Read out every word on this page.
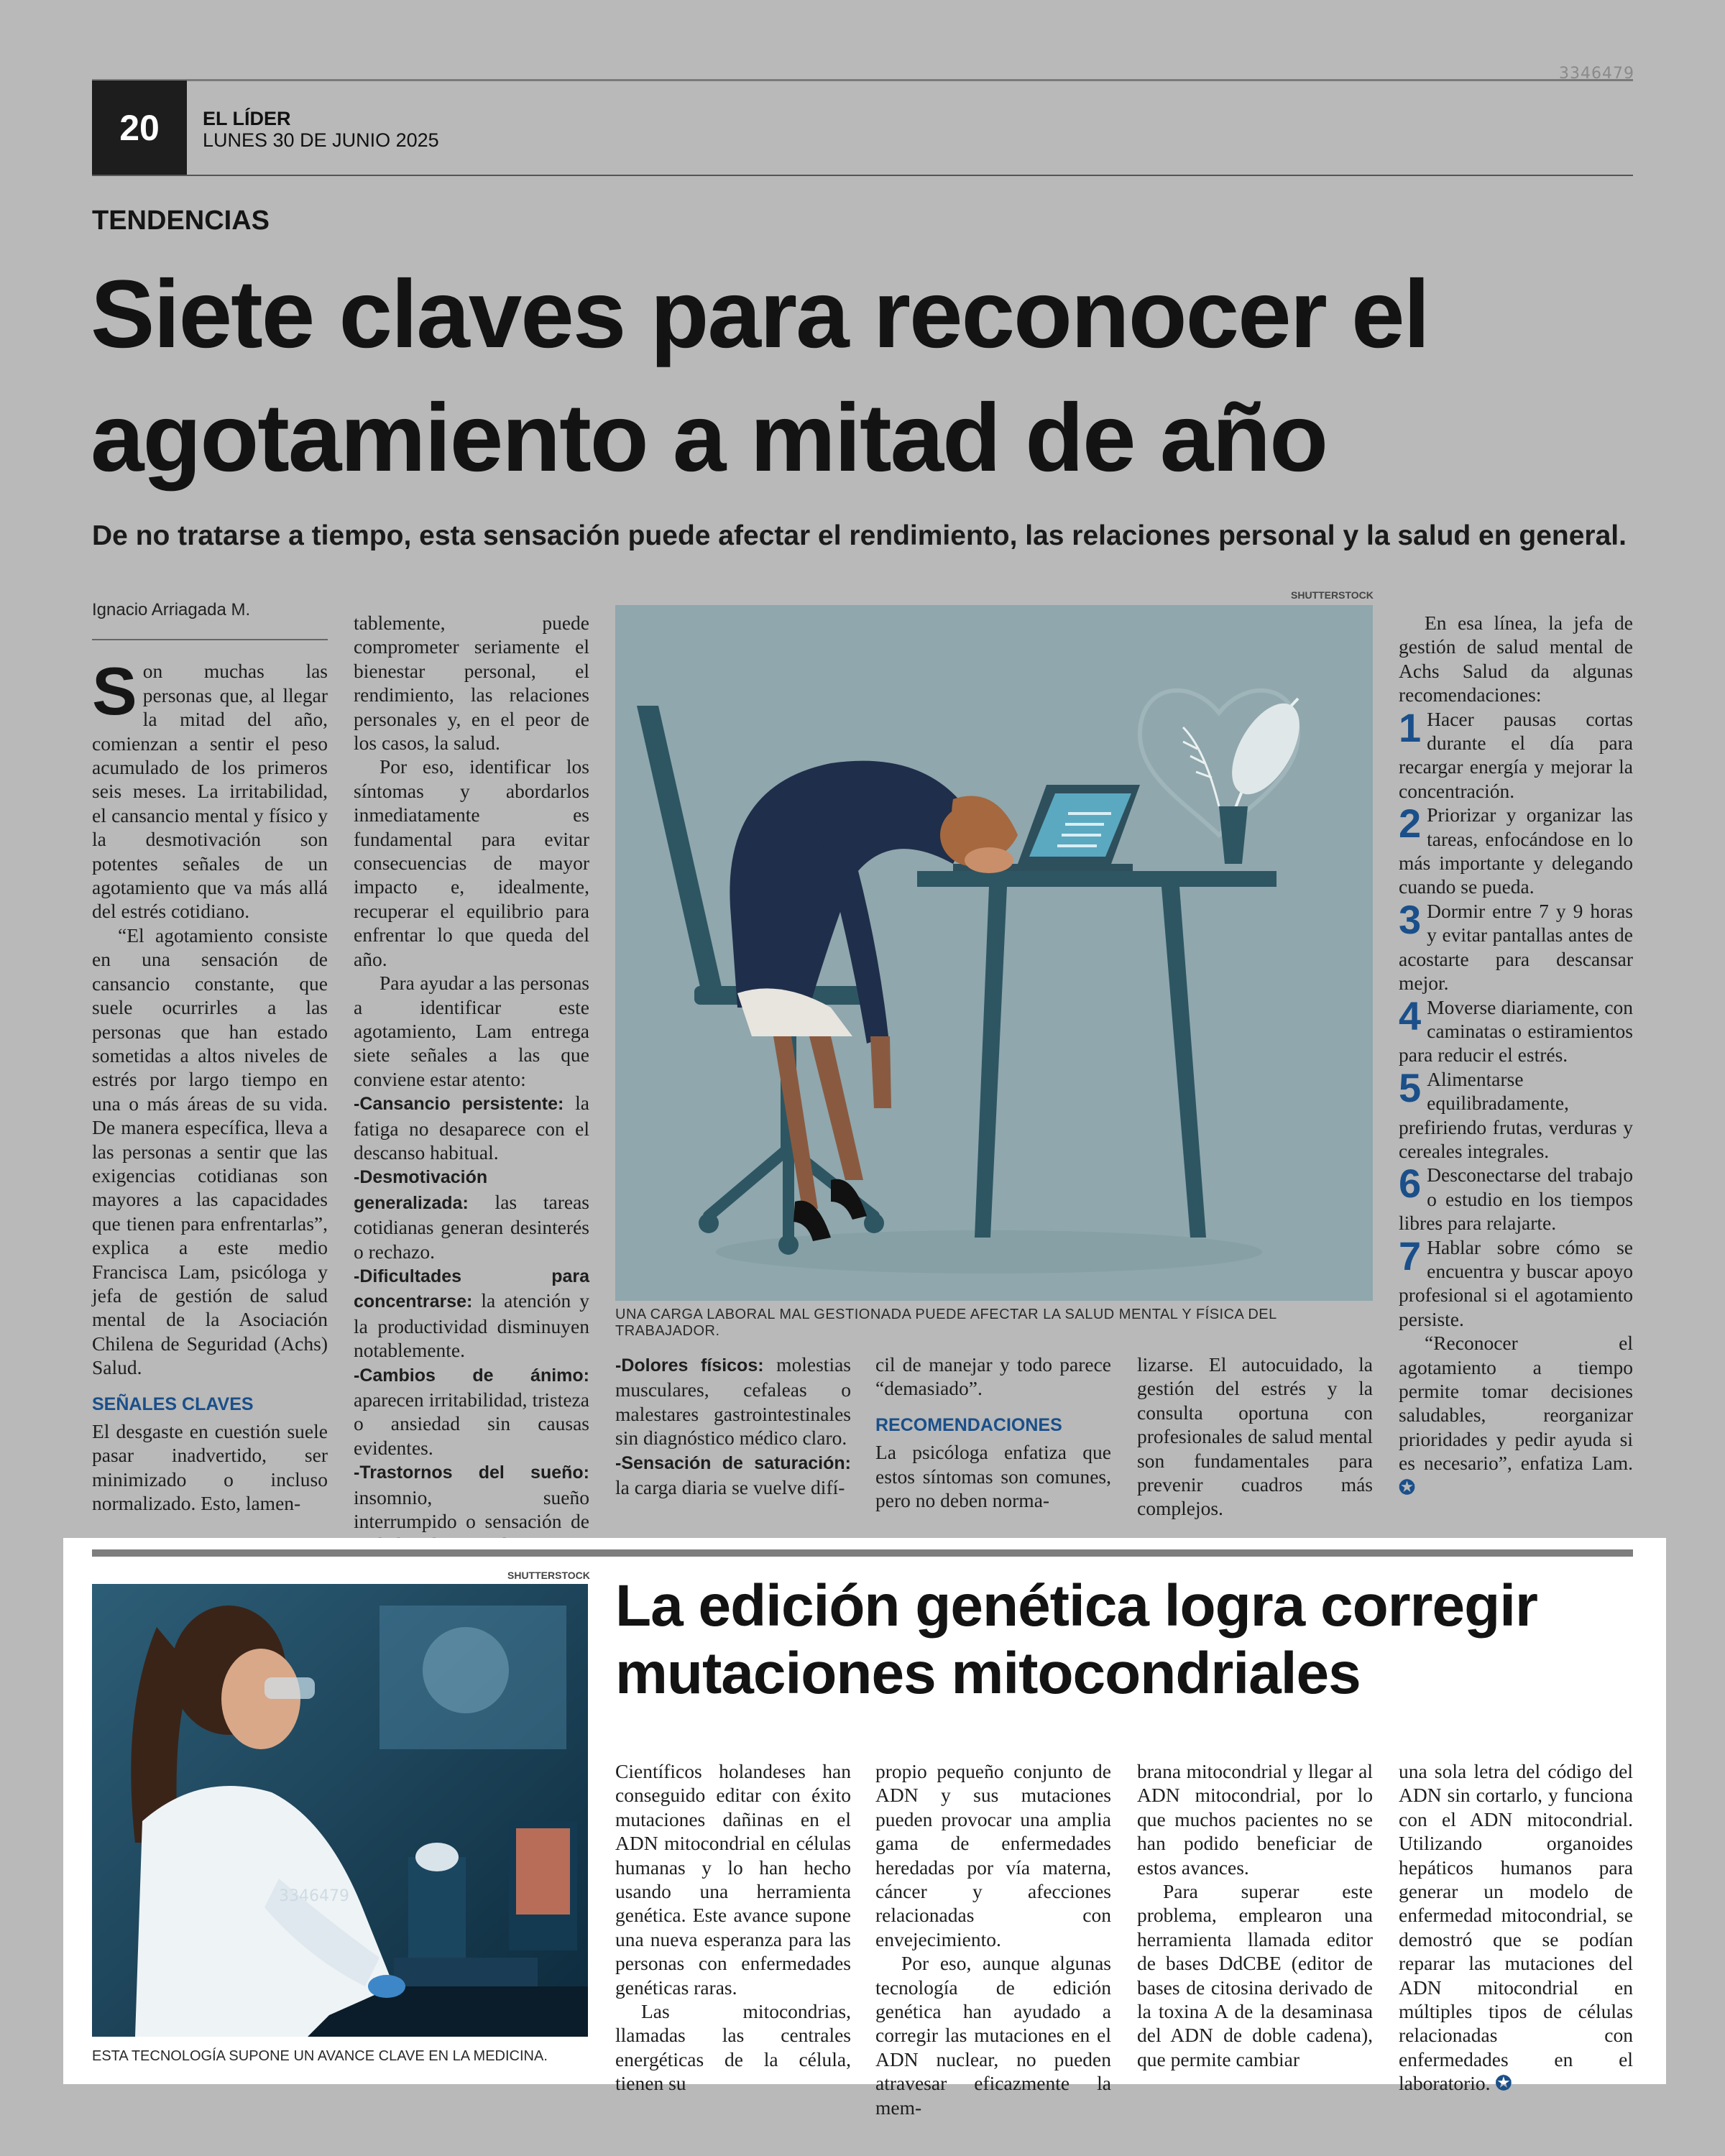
3346479
20	EL LÍDER
LUNES 30 DE JUNIO 2025
TENDENCIAS
Siete claves para reconocer el agotamiento a mitad de año
De no tratarse a tiempo, esta sensación puede afectar el rendimiento, las relaciones personal y la salud en general.
Ignacio Arriagada M.

Son muchas las personas que, al llegar la mitad del año, comienzan a sentir el peso acumulado de los primeros seis meses. La irritabilidad, el cansancio mental y físico y la desmotivación son potentes señales de un agotamiento que va más allá del estrés cotidiano.

“El agotamiento consiste en una sensación de cansancio constante, que suele ocurrirles a las personas que han estado sometidas a altos niveles de estrés por largo tiempo en una o más áreas de su vida. De manera específica, lleva a las personas a sentir que las exigencias cotidianas son mayores a las capacidades que tienen para enfrentarlas”, explica a este medio Francisca Lam, psicóloga y jefa de gestión de salud mental de la Asociación Chilena de Seguridad (Achs) Salud.

SEÑALES CLAVES

El desgaste en cuestión suele pasar inadvertido, ser minimizado o incluso normalizado. Esto, lamen-

tablemente, puede comprometer seriamente el bienestar personal, el rendimiento, las relaciones personales y, en el peor de los casos, la salud.

Por eso, identificar los síntomas y abordarlos inmediatamente es fundamental para evitar consecuencias de mayor impacto e, idealmente, recuperar el equilibrio para enfrentar lo que queda del año.

Para ayudar a las personas a identificar este agotamiento, Lam entrega siete señales a las que conviene estar atento:

-Cansancio persistente: la fatiga no desaparece con el descanso habitual.

-Desmotivación generalizada: las tareas cotidianas generan desinterés o rechazo.

-Dificultades para concentrarse: la atención y la productividad disminuyen notablemente.

-Cambios de ánimo: aparecen irritabilidad, tristeza o ansiedad sin causas evidentes.

-Trastornos del sueño: insomnio, sueño interrumpido o sensación de

SHUTTERSTOCK
UNA CARGA LABORAL MAL GESTIONADA PUEDE AFECTAR LA SALUD MENTAL Y FÍSICA DEL TRABAJADOR.

-Dolores físicos: molestias musculares, cefaleas o malestares gastrointestinales sin diagnóstico médico claro.

-Sensación de saturación: la carga diaria se vuelve difí-

cil de manejar y todo parece “demasiado”.

RECOMENDACIONES

La psicóloga enfatiza que estos síntomas son comunes, pero no deben norma-

lizarse. El autocuidado, la gestión del estrés y la consulta oportuna con profesionales de salud mental son fundamentales para prevenir cuadros más complejos.

En esa línea, la jefa de gestión de salud mental de Achs Salud da algunas recomendaciones:

1 Hacer pausas cortas durante el día para recargar energía y mejorar la concentración.

2 Priorizar y organizar las tareas, enfocándose en lo más importante y delegando cuando se pueda.

3 Dormir entre 7 y 9 horas y evitar pantallas antes de acostarte para descansar mejor.

4 Moverse diariamente, con caminatas o estiramientos para reducir el estrés.

5 Alimentarse equilibradamente, prefiriendo frutas, verduras y cereales integrales.

6 Desconectarse del trabajo o estudio en los tiempos libres para relajarte.

7 Hablar sobre cómo se encuentra y buscar apoyo profesional si el agotamiento persiste.

“Reconocer el agotamiento a tiempo permite tomar decisiones saludables, reorganizar prioridades y pedir ayuda si es necesario”, enfatiza Lam. ✪

SHUTTERSTOCK
3346479
ESTA TECNOLOGÍA SUPONE UN AVANCE CLAVE EN LA MEDICINA.
La edición genética logra corregir mutaciones mitocondriales

Científicos holandeses han conseguido editar con éxito mutaciones dañinas en el ADN mitocondrial en células humanas y lo han hecho usando una herramienta genética. Este avance supone una nueva esperanza para las personas con enfermedades genéticas raras.

Las mitocondrias, llamadas las centrales energéticas de la célula, tienen su

propio pequeño conjunto de ADN y sus mutaciones pueden provocar una amplia gama de enfermedades heredadas por vía materna, cáncer y afecciones relacionadas con envejecimiento.

Por eso, aunque algunas tecnología de edición genética han ayudado a corregir las mutaciones en el ADN nuclear, no pueden atravesar eficazmente la mem-

brana mitocondrial y llegar al ADN mitocondrial, por lo que muchos pacientes no se han podido beneficiar de estos avances.

Para superar este problema, emplearon una herramienta llamada editor de bases DdCBE (editor de bases de citosina derivado de la toxina A de la desaminasa del ADN de doble cadena), que permite cambiar

una sola letra del código del ADN sin cortarlo, y funciona con el ADN mitocondrial. Utilizando organoides hepáticos humanos para generar un modelo de enfermedad mitocondrial, se demostró que se podían reparar las mutaciones del ADN mitocondrial en múltiples tipos de células relacionadas con enfermedades en el laboratorio. ✪
